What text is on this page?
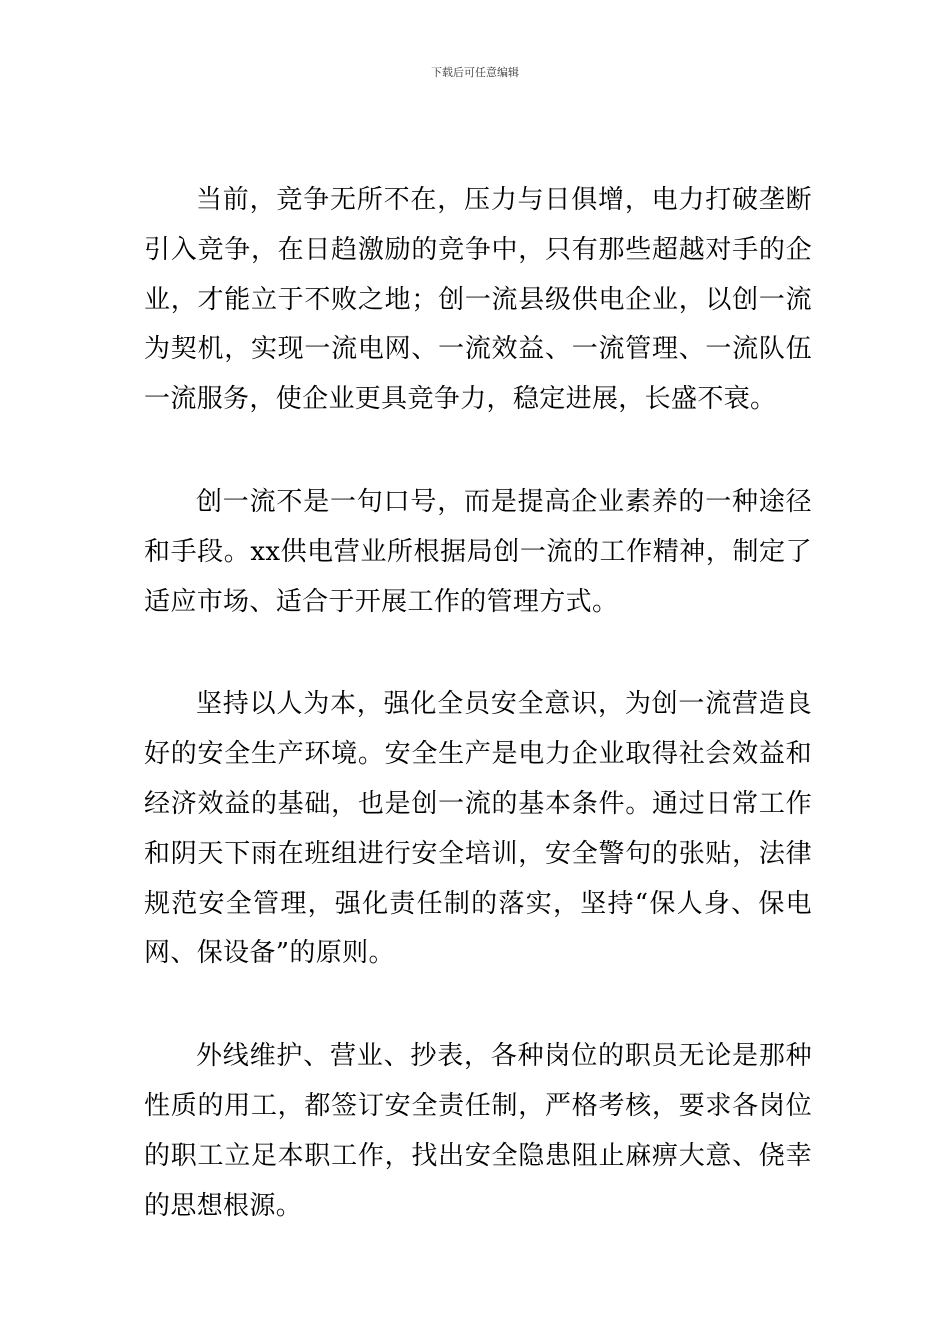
下载后可任意编辑

当前，竞争无所不在，压力与日俱增，电力打破垄断引入竞争，在日趋激励的竞争中，只有那些超越对手的企业，才能立于不败之地；创一流县级供电企业，以创一流为契机，实现一流电网、一流效益、一流管理、一流队伍一流服务，使企业更具竞争力，稳定进展，长盛不衰。

创一流不是一句口号，而是提高企业素养的一种途径和手段。xx供电营业所根据局创一流的工作精神，制定了适应市场、适合于开展工作的管理方式。

坚持以人为本，强化全员安全意识，为创一流营造良好的安全生产环境。安全生产是电力企业取得社会效益和经济效益的基础，也是创一流的基本条件。通过日常工作和阴天下雨在班组进行安全培训，安全警句的张贴，法律规范安全管理，强化责任制的落实，坚持“保人身、保电网、保设备”的原则。

外线维护、营业、抄表，各种岗位的职员无论是那种性质的用工，都签订安全责任制，严格考核，要求各岗位的职工立足本职工作，找出安全隐患阻止麻痹大意、侥幸的思想根源。
